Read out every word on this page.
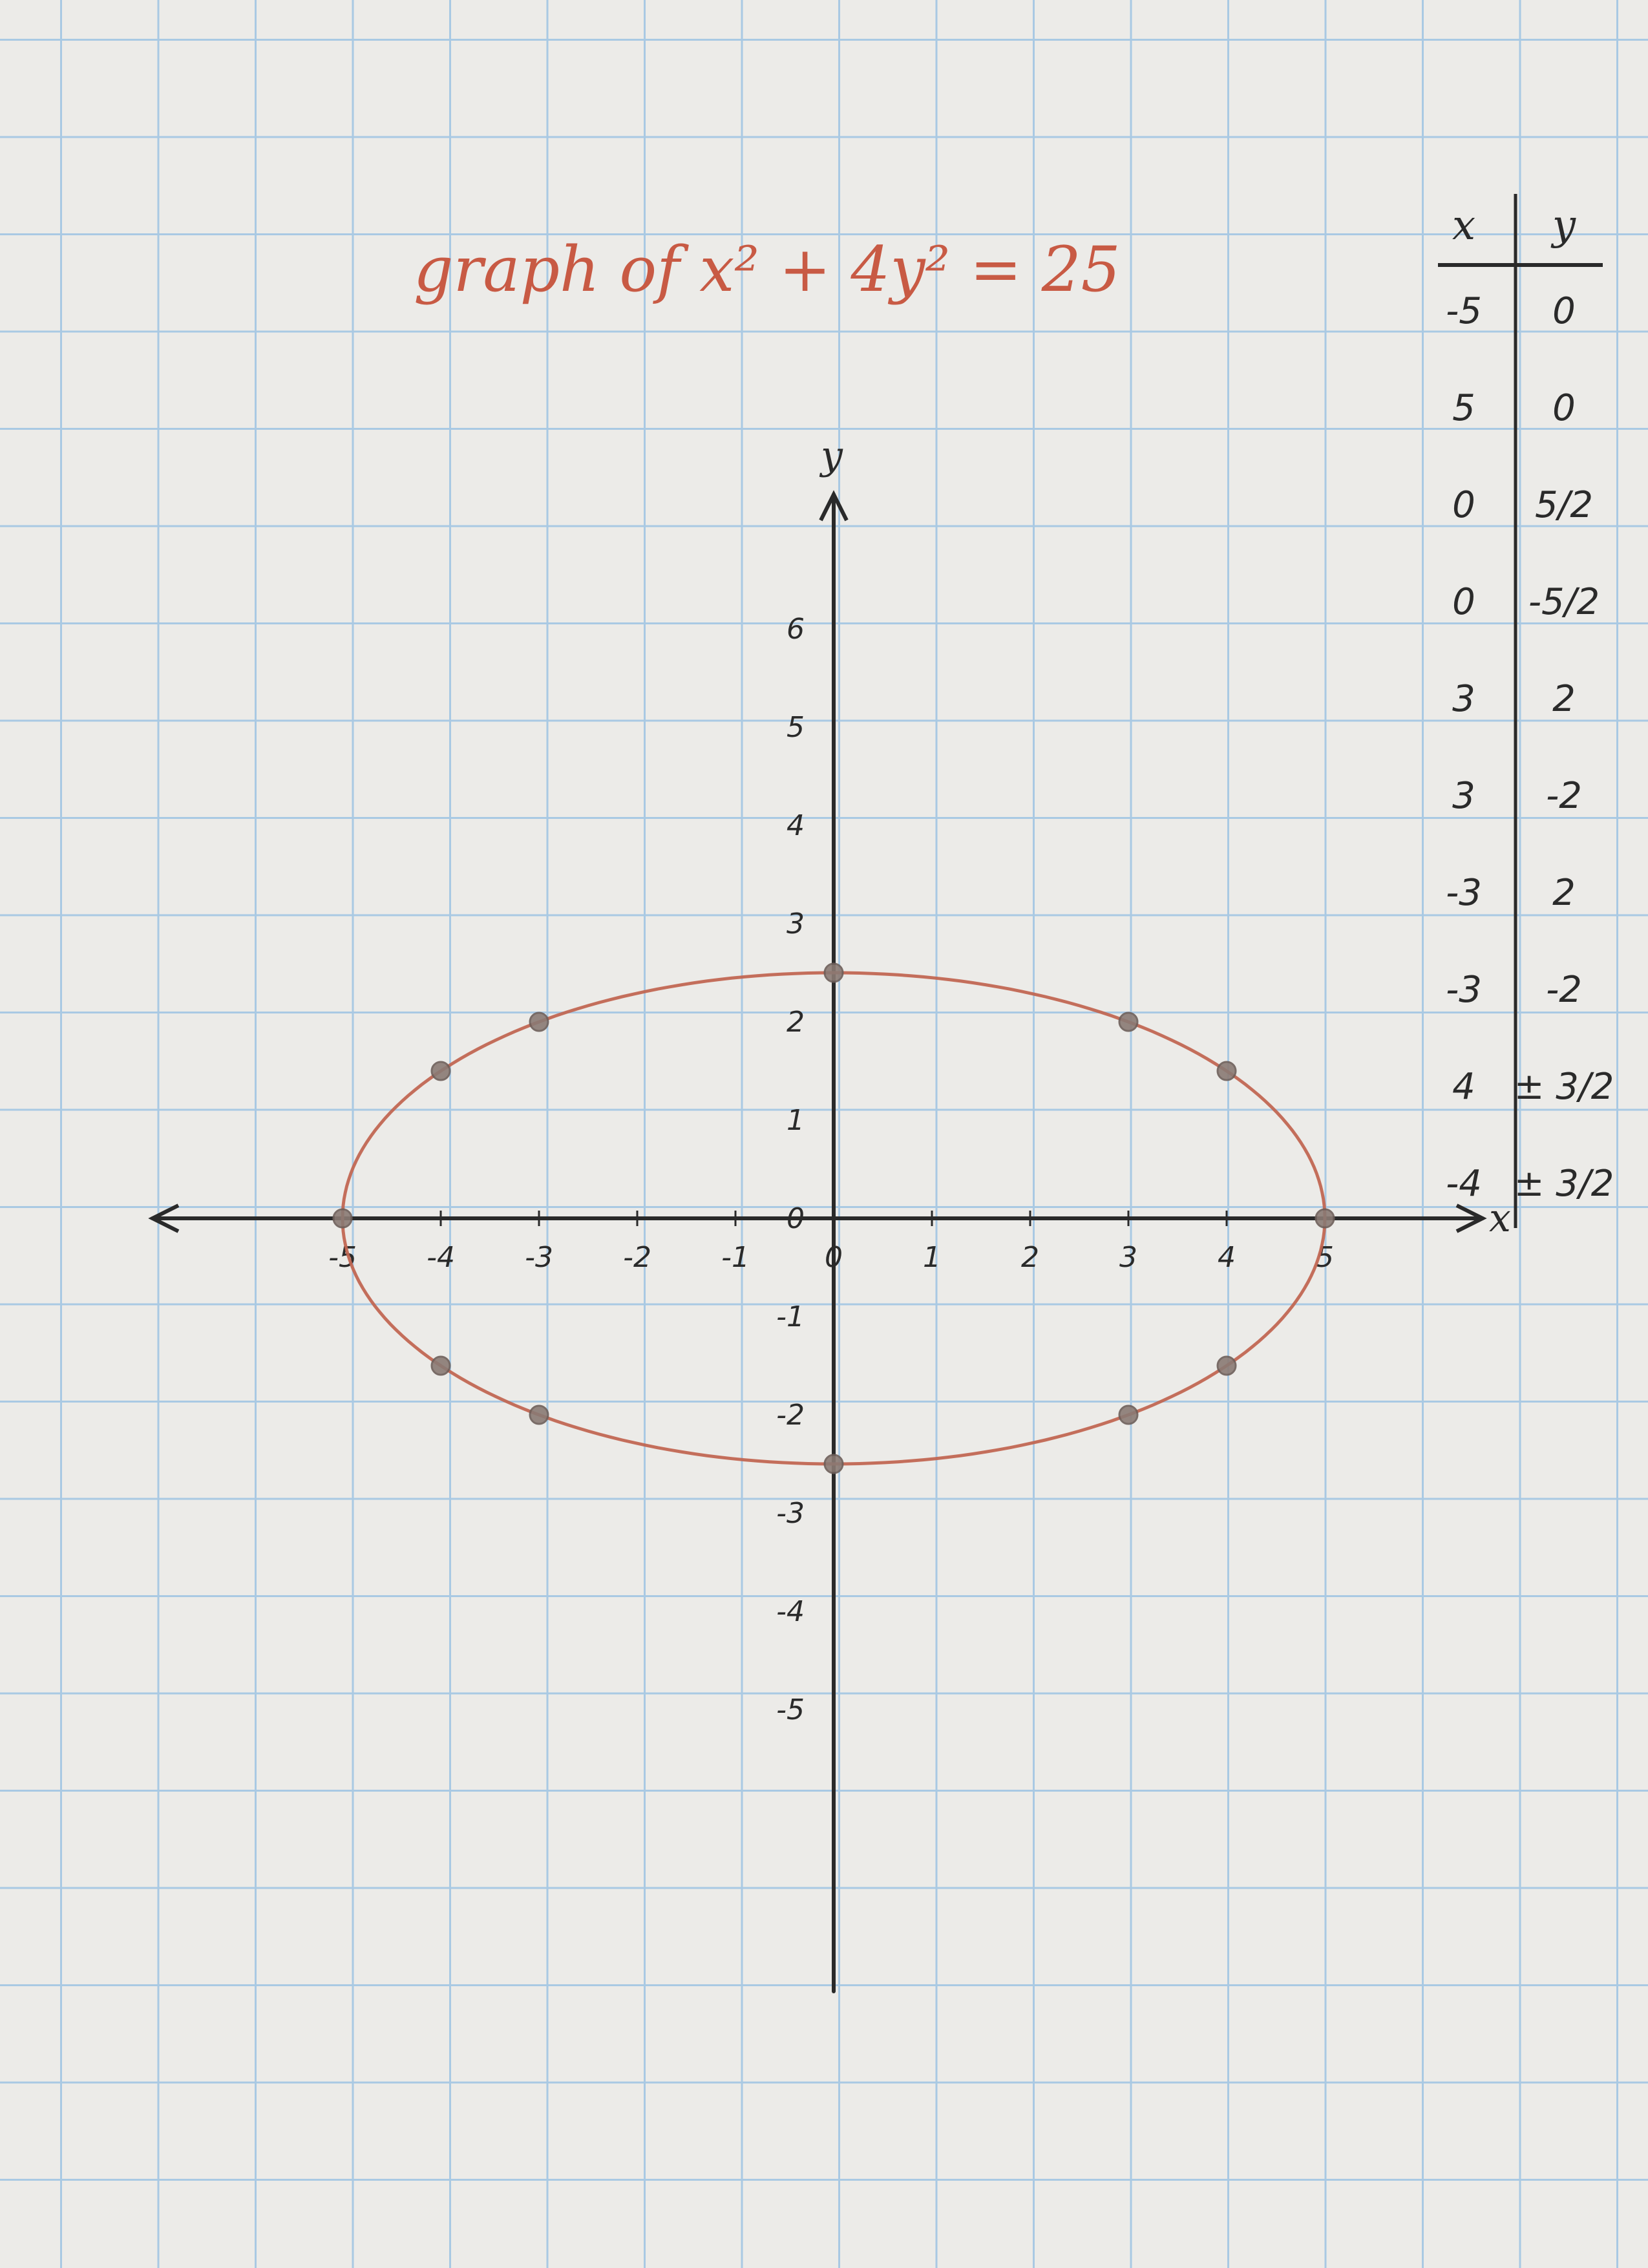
graph of x² + 4y² = 25
x
y
-5 -4 -3 -2 -1	0	1	2	3	4	5
-5
-4
-3
-2
-1
0
1
2
3
4
5
6
x y
-5 0
5 0
0 5/2
0 -5/2
3 2
3 -2
-3 2
-3 -2
4 ± 3/2
-4 ± 3/2
